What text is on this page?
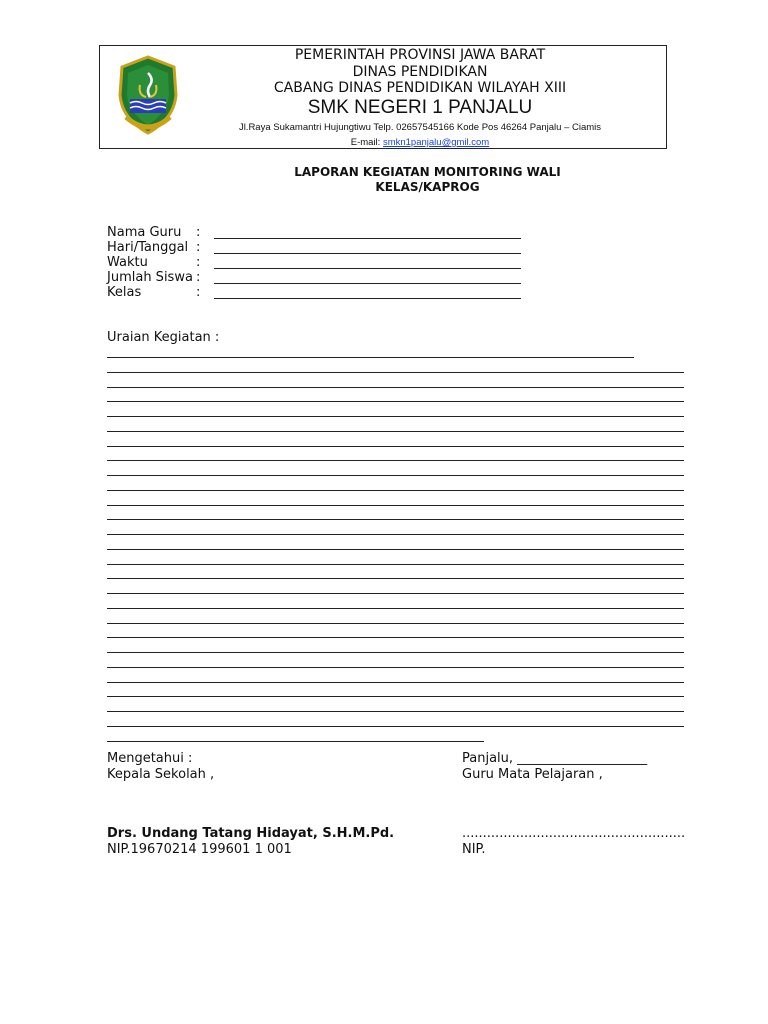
PEMERINTAH PROVINSI JAWA BARAT
DINAS PENDIDIKAN
CABANG DINAS PENDIDIKAN WILAYAH XIII
SMK NEGERI 1 PANJALU
Jl.Raya Sukamantri Hujungtiwu Telp. 02657545166 Kode Pos 46264 Panjalu – Ciamis
E-mail: smkn1panjalu@gmil.com
LAPORAN KEGIATAN MONITORING WALI
KELAS/KAPROG
Nama Guru :
Hari/Tanggal :
Waktu	:
Jumlah Siswa :
Kelas	:
Uraian Kegiatan :
Mengetahui :
Kepala Sekolah ,
Drs. Undang Tatang Hidayat, S.H.M.Pd.
NIP.19670214 199601 1 001
Panjalu, ____________________
Guru Mata Pelajaran ,
......................................................
NIP.
